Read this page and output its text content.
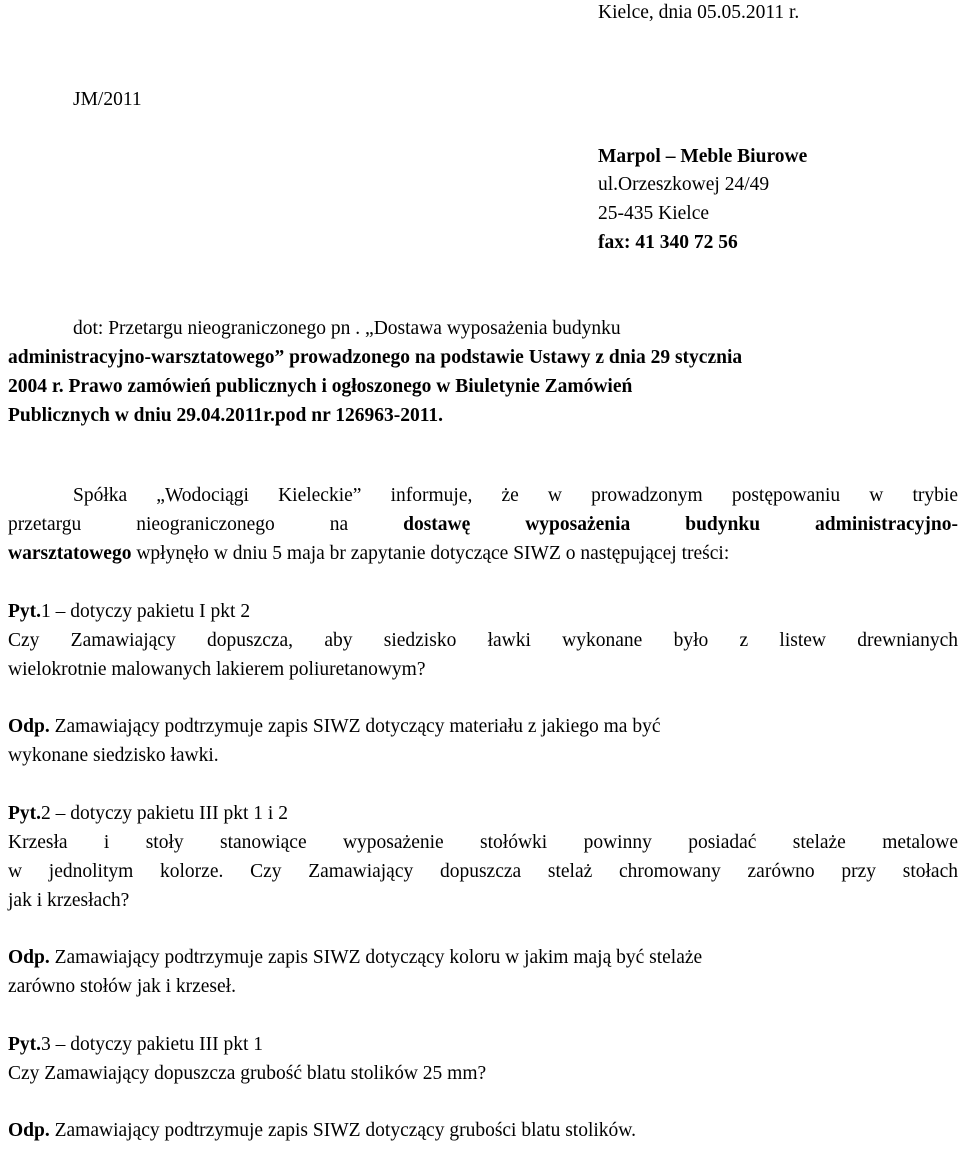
Kielce, dnia 05.05.2011 r.
JM/2011
Marpol – Meble Biurowe
ul.Orzeszkowej 24/49
25-435 Kielce
fax: 41 340 72 56
dot: Przetargu nieograniczonego pn . „Dostawa wyposażenia budynku
administracyjno-warsztatowego” prowadzonego na podstawie Ustawy z dnia 29 stycznia
2004 r. Prawo zamówień publicznych i ogłoszonego w Biuletynie Zamówień
Publicznych w dniu 29.04.2011r.pod nr 126963-2011.
Spółka „Wodociągi Kieleckie” informuje, że w prowadzonym postępowaniu w trybie
przetargu nieograniczonego na dostawę wyposażenia budynku administracyjno-
warsztatowego wpłynęło w dniu 5 maja br zapytanie dotyczące SIWZ o następującej treści:
Pyt.1 – dotyczy pakietu I pkt 2
Czy Zamawiający dopuszcza, aby siedzisko ławki wykonane było z listew drewnianych
wielokrotnie malowanych lakierem poliuretanowym?
Odp. Zamawiający podtrzymuje zapis SIWZ dotyczący materiału z jakiego ma być
wykonane siedzisko ławki.
Pyt.2 – dotyczy pakietu III pkt 1 i 2
Krzesła i stoły stanowiące wyposażenie stołówki powinny posiadać stelaże metalowe
w jednolitym kolorze. Czy Zamawiający dopuszcza stelaż chromowany zarówno przy stołach
jak i krzesłach?
Odp. Zamawiający podtrzymuje zapis SIWZ dotyczący koloru w jakim mają być stelaże
zarówno stołów jak i krzeseł.
Pyt.3 – dotyczy pakietu III pkt 1
Czy Zamawiający dopuszcza grubość blatu stolików 25 mm?
Odp. Zamawiający podtrzymuje zapis SIWZ dotyczący grubości blatu stolików.
